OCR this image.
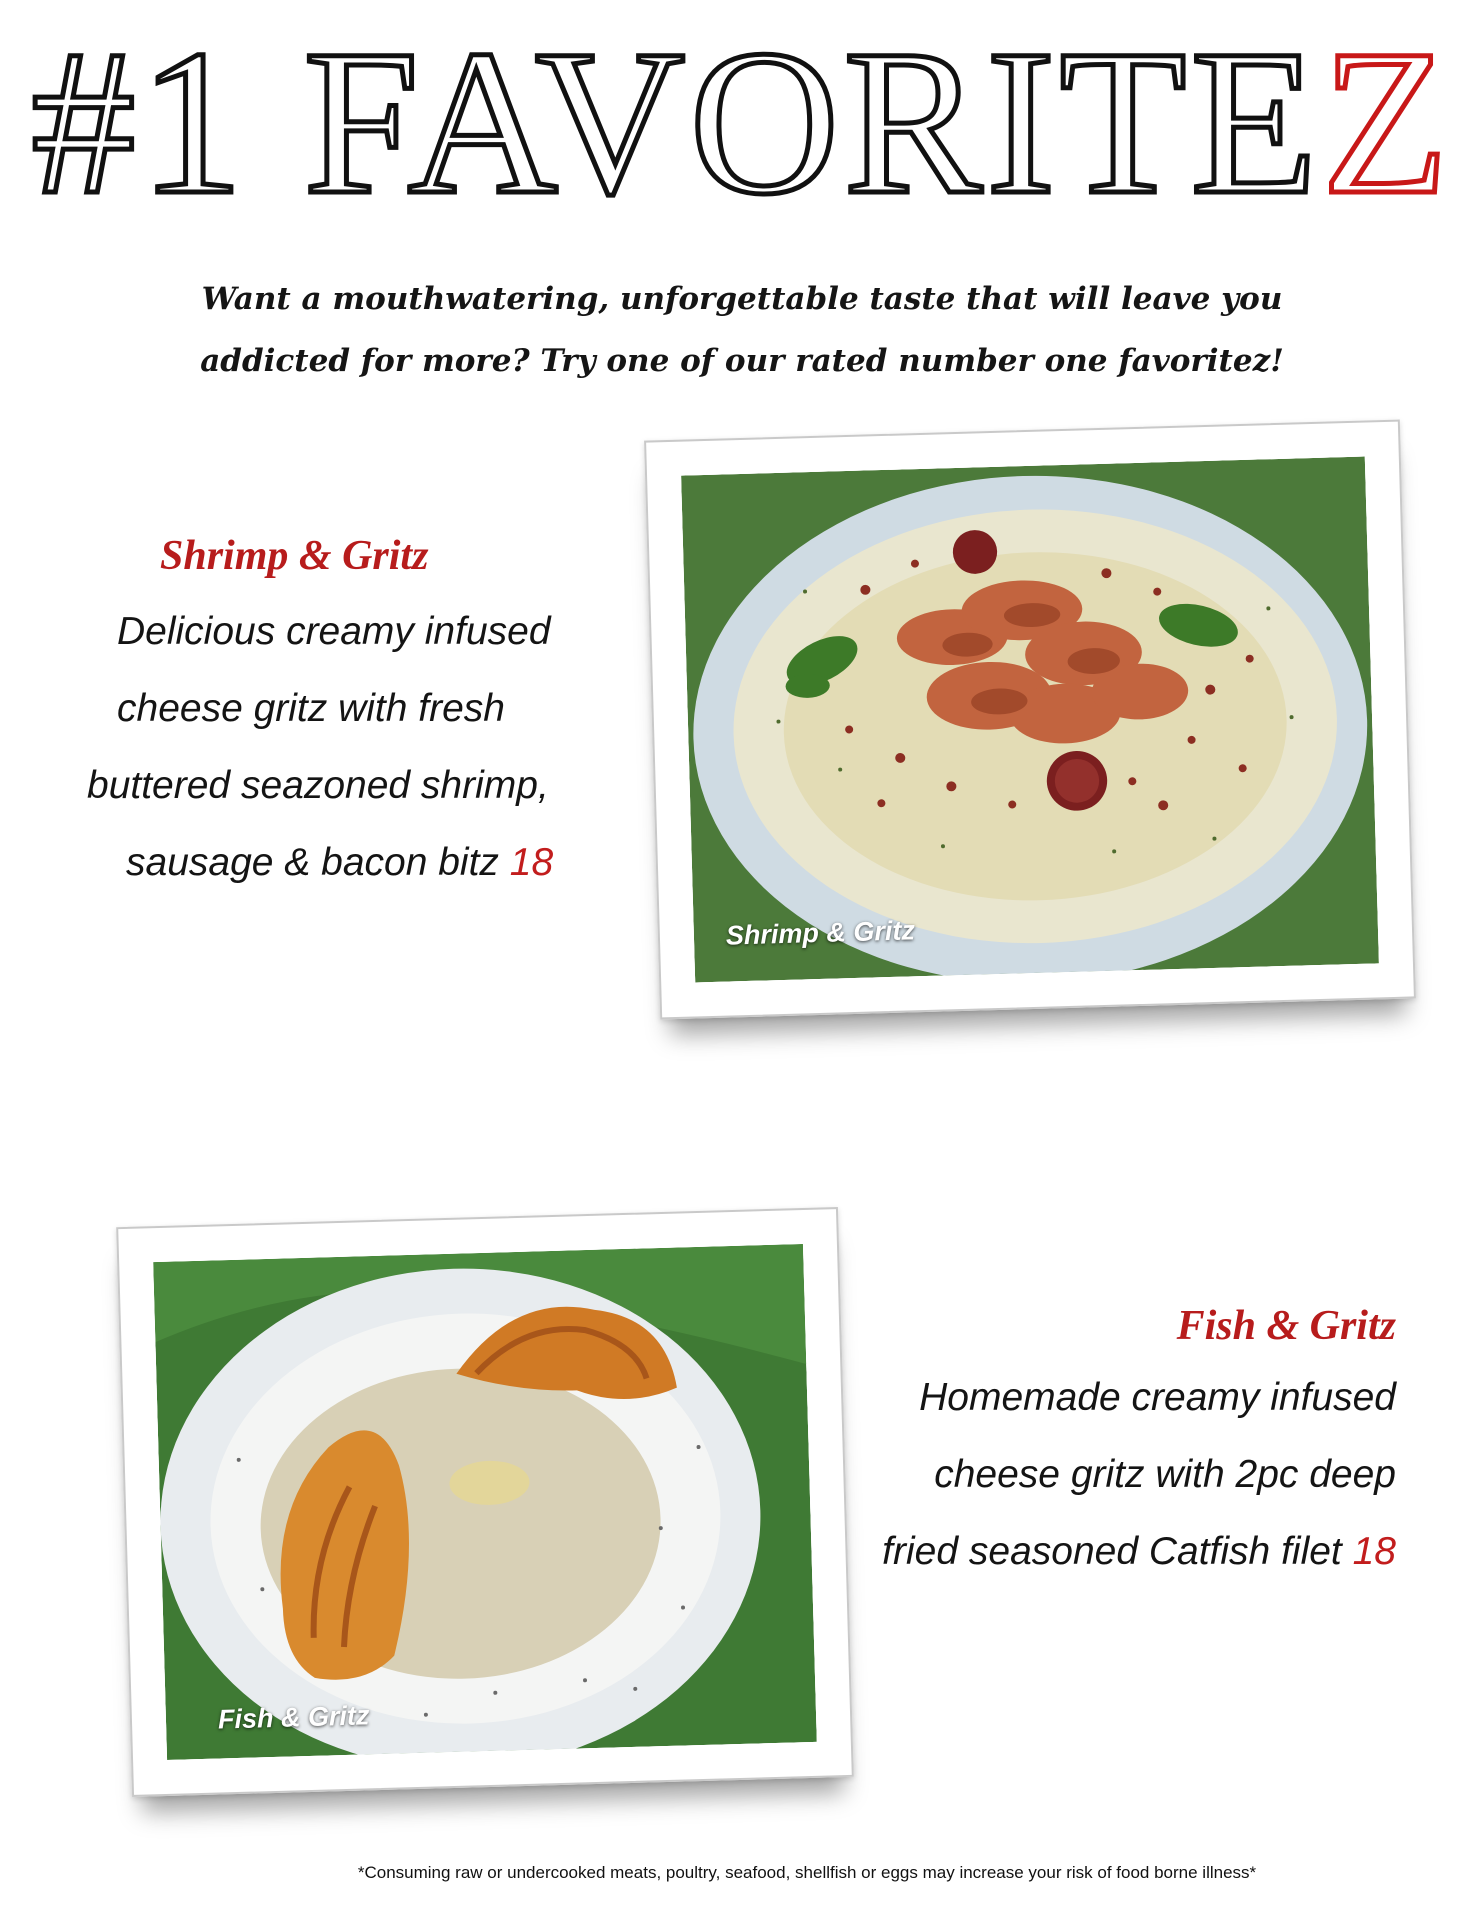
#1 FAVORITEZ
Want a mouthwatering, unforgettable taste that will leave you
addicted for more? Try one of our rated number one favoritez!
Shrimp & Gritz
Delicious creamy infused
cheese gritz with fresh
buttered seazoned shrimp,
sausage & bacon bitz 18
Shrimp & Gritz
Fish & Gritz
Fish & Gritz
Homemade creamy infused
cheese gritz with 2pc deep
fried seasoned Catfish filet 18
*Consuming raw or undercooked meats, poultry, seafood, shellfish or eggs may increase your risk of food borne illness*
